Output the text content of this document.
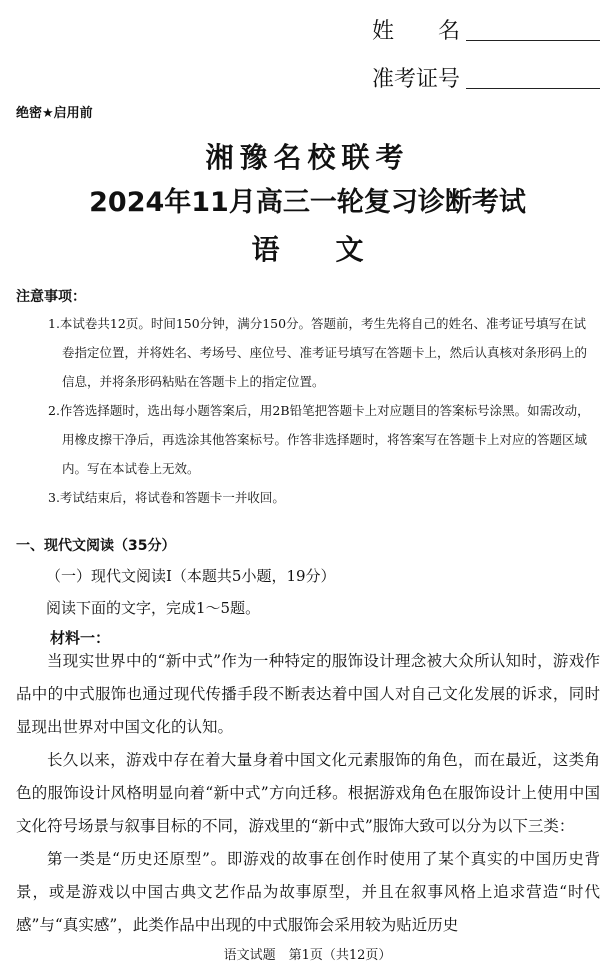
姓　　名
准考证号
绝密★启用前
湘豫名校联考
2024年11月高三一轮复习诊断考试
语　　文
注意事项：

1.本试卷共12页。时间150分钟，满分150分。答题前，考生先将自己的姓名、准考证号填写在试卷指定位置，并将姓名、考场号、座位号、准考证号填写在答题卡上，然后认真核对条形码上的信息，并将条形码粘贴在答题卡上的指定位置。

2.作答选择题时，选出每小题答案后，用2B铅笔把答题卡上对应题目的答案标号涂黑。如需改动，用橡皮擦干净后，再选涂其他答案标号。作答非选择题时，将答案写在答题卡上对应的答题区域内。写在本试卷上无效。

3.考试结束后，将试卷和答题卡一并收回。

一、现代文阅读（35分）
（一）现代文阅读Ⅰ（本题共5小题，19分）
阅读下面的文字，完成1～5题。
材料一：

当现实世界中的“新中式”作为一种特定的服饰设计理念被大众所认知时，游戏作品中的中式服饰也通过现代传播手段不断表达着中国人对自己文化发展的诉求，同时显现出世界对中国文化的认知。

长久以来，游戏中存在着大量身着中国文化元素服饰的角色，而在最近，这类角色的服饰设计风格明显向着“新中式”方向迁移。根据游戏角色在服饰设计上使用中国文化符号场景与叙事目标的不同，游戏里的“新中式”服饰大致可以分为以下三类：

第一类是“历史还原型”。即游戏的故事在创作时使用了某个真实的中国历史背景，或是游戏以中国古典文艺作品为故事原型，并且在叙事风格上追求营造“时代感”与“真实感”，此类作品中出现的中式服饰会采用较为贴近历史

语文试题　第1页（共12页）
